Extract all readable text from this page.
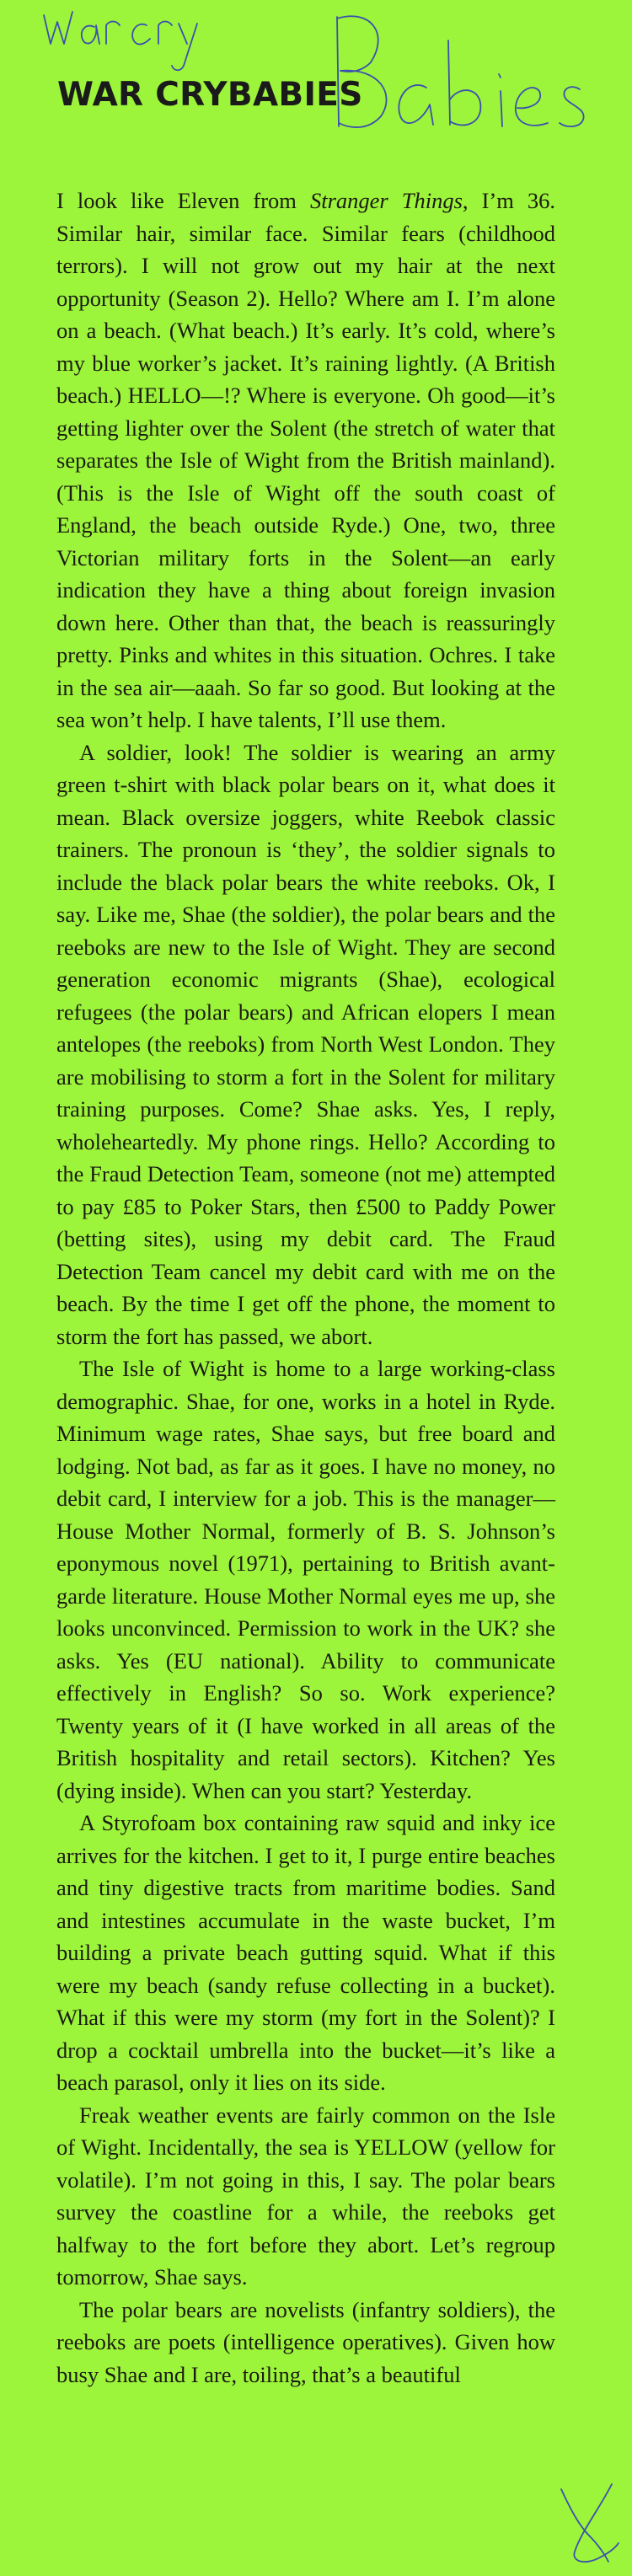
WAR CRYBABIES

I look like Eleven from Stranger Things, I’m 36. Similar hair, similar face. Similar fears (childhood terrors). I will not grow out my hair at the next opportunity (Season 2). Hello? Where am I. I’m alone on a beach. (What beach.) It’s early. It’s cold, where’s my blue worker’s jacket. It’s raining lightly. (A British beach.) HELLO—!? Where is everyone. Oh good—it’s getting lighter over the Solent (the stretch of water that separates the Isle of Wight from the British mainland). (This is the Isle of Wight off the south coast of England, the beach outside Ryde.) One, two, three Victorian military forts in the Solent—an early indication they have a thing about foreign invasion down here. Other than that, the beach is reassuringly pretty. Pinks and whites in this situation. Ochres. I take in the sea air—aaah. So far so good. But looking at the sea won’t help. I have talents, I’ll use them.

A soldier, look! The soldier is wearing an army green t-shirt with black polar bears on it, what does it mean. Black oversize joggers, white Reebok classic trainers. The pronoun is ‘they’, the soldier signals to include the black polar bears the white reeboks. Ok, I say. Like me, Shae (the soldier), the polar bears and the reeboks are new to the Isle of Wight. They are second generation economic migrants (Shae), ecological refugees (the polar bears) and African elopers I mean antelopes (the reeboks) from North West London. They are mobilising to storm a fort in the Solent for military training purposes. Come? Shae asks. Yes, I reply, wholeheartedly. My phone rings. Hello? According to the Fraud Detection Team, someone (not me) attempted to pay £85 to Poker Stars, then £500 to Paddy Power (betting sites), using my debit card. The Fraud Detection Team cancel my debit card with me on the beach. By the time I get off the phone, the moment to storm the fort has passed, we abort.

The Isle of Wight is home to a large working-class demographic. Shae, for one, works in a hotel in Ryde. Minimum wage rates, Shae says, but free board and lodging. Not bad, as far as it goes. I have no money, no debit card, I interview for a job. This is the manager—House Mother Normal, formerly of B. S. Johnson’s eponymous novel (1971), pertaining to British avant-garde literature. House Mother Normal eyes me up, she looks unconvinced. Permission to work in the UK? she asks. Yes (EU national). Ability to communicate effectively in English? So so. Work experience? Twenty years of it (I have worked in all areas of the British hospitality and retail sectors). Kitchen? Yes (dying inside). When can you start? Yesterday.

A Styrofoam box containing raw squid and inky ice arrives for the kitchen. I get to it, I purge entire beaches and tiny digestive tracts from maritime bodies. Sand and intestines accumulate in the waste bucket, I’m building a private beach gutting squid. What if this were my beach (sandy refuse collecting in a bucket). What if this were my storm (my fort in the Solent)? I drop a cocktail umbrella into the bucket—it’s like a beach parasol, only it lies on its side.

Freak weather events are fairly common on the Isle of Wight. Incidentally, the sea is YELLOW (yellow for volatile). I’m not going in this, I say. The polar bears survey the coastline for a while, the reeboks get halfway to the fort before they abort. Let’s regroup tomorrow, Shae says.

The polar bears are novelists (infantry soldiers), the reeboks are poets (intelligence operatives). Given how busy Shae and I are, toiling, that’s a beautiful
